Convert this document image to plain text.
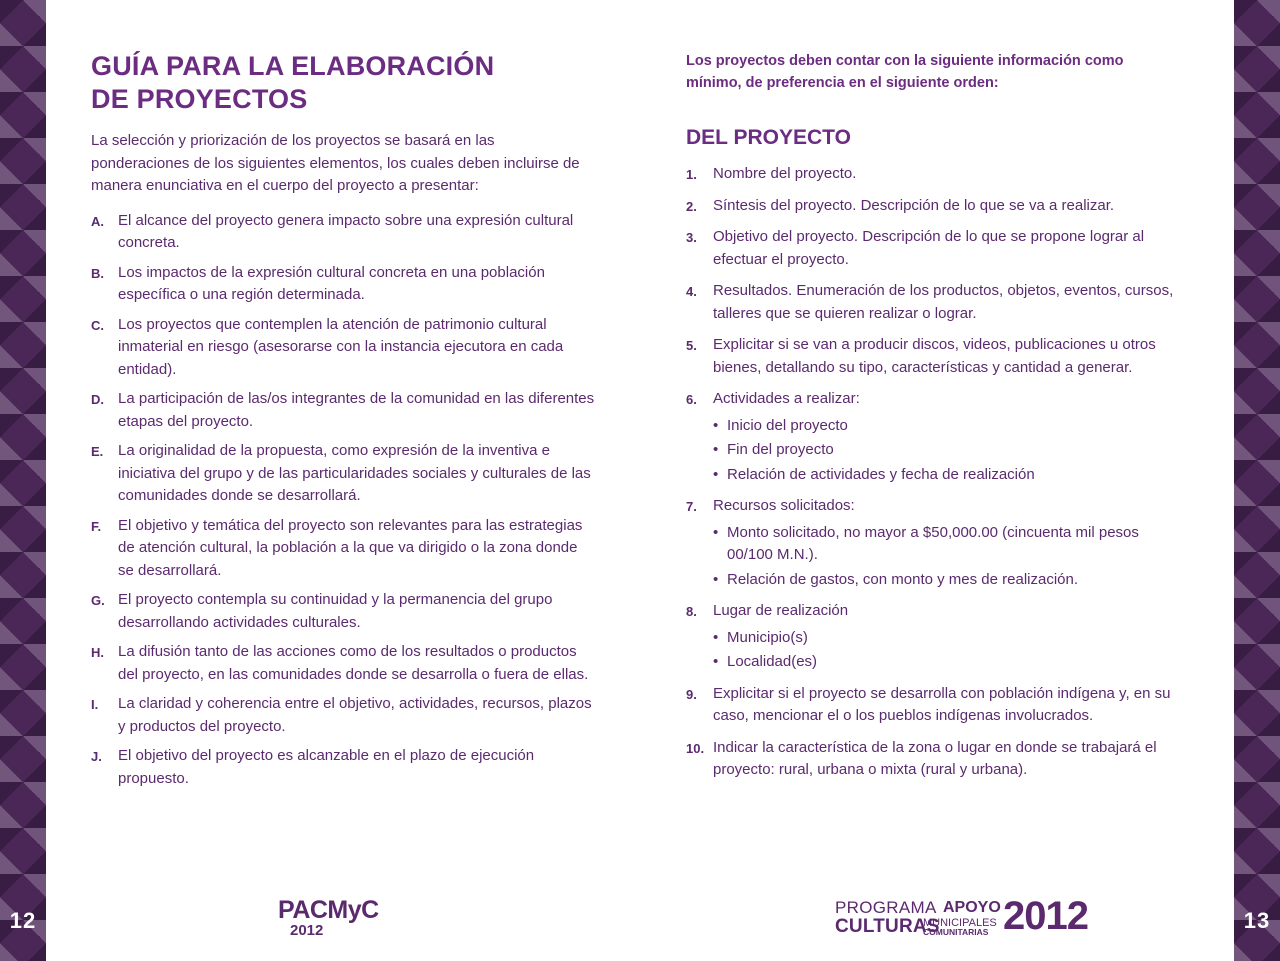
12	13
GUÍA PARA LA ELABORACIÓN
DE PROYECTOS

La selección y priorización de los proyectos se basará en las ponderaciones de los siguientes elementos, los cuales deben incluirse de manera enunciativa en el cuerpo del proyecto a presentar:

A. El alcance del proyecto genera impacto sobre una expresión cultural concreta.
B. Los impactos de la expresión cultural concreta en una población específica o una región determinada.
C. Los proyectos que contemplen la atención de patrimonio cultural inmaterial en riesgo (asesorarse con la instancia ejecutora en cada entidad).
D. La participación de las/os integrantes de la comunidad en las diferentes etapas del proyecto.
E. La originalidad de la propuesta, como expresión de la inventiva e iniciativa del grupo y de las particularidades sociales y culturales de las comunidades donde se desarrollará.
F. El objetivo y temática del proyecto son relevantes para las estrategias de atención cultural, la población a la que va dirigido o la zona donde se desarrollará.
G. El proyecto contempla su continuidad y la permanencia del grupo desarrollando actividades culturales.
H. La difusión tanto de las acciones como de los resultados o productos del proyecto, en las comunidades donde se desarrolla o fuera de ellas.
I. La claridad y coherencia entre el objetivo, actividades, recursos, plazos y productos del proyecto.
J. El objetivo del proyecto es alcanzable en el plazo de ejecución propuesto.

Los proyectos deben contar con la siguiente información como mínimo, de preferencia en el siguiente orden:

DEL PROYECTO
1. Nombre del proyecto.
2. Síntesis del proyecto. Descripción de lo que se va a realizar.
3. Objetivo del proyecto. Descripción de lo que se propone lograr al efectuar el proyecto.
4. Resultados. Enumeración de los productos, objetos, eventos, cursos, talleres que se quieren realizar o lograr.
5. Explicitar si se van a producir discos, videos, publicaciones u otros bienes, detallando su tipo, características y cantidad a generar.
6. Actividades a realizar:
• Inicio del proyecto
• Fin del proyecto
• Relación de actividades y fecha de realización
7. Recursos solicitados:
• Monto solicitado, no mayor a $50,000.00 (cincuenta mil pesos 00/100 M.N.).
• Relación de gastos, con monto y mes de realización.
8. Lugar de realización
• Municipio(s)
• Localidad(es)
9. Explicitar si el proyecto se desarrolla con población indígena y, en su caso, mencionar el o los pueblos indígenas involucrados.
10. Indicar la característica de la zona o lugar en donde se trabajará el proyecto: rural, urbana o mixta (rural y urbana).
PACMyC
2012
PROGRAMA
CULTURAS
APOYO
MUNICIPALES
COMUNITARIAS 2012
